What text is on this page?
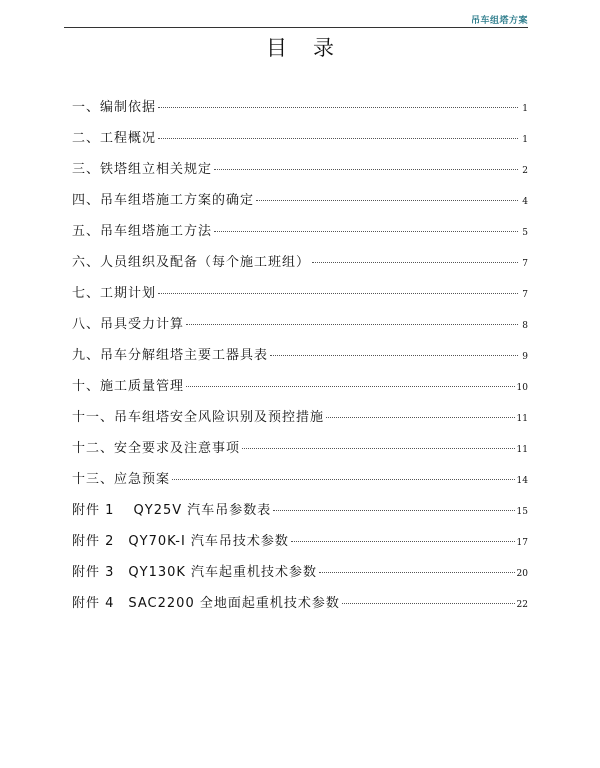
吊车组塔方案
目录
一、编制依据	1
二、工程概况	1
三、铁塔组立相关规定	2
四、吊车组塔施工方案的确定	4
五、吊车组塔施工方法	5
六、人员组织及配备（每个施工班组）	7
七、工期计划	7
八、吊具受力计算	8
九、吊车分解组塔主要工器具表	9
十、施工质量管理	10
十一、吊车组塔安全风险识别及预控措施	11
十二、安全要求及注意事项	11
十三、应急预案	14
附件 1　 QY25V 汽车吊参数表	15
附件 2　QY70K-I 汽车吊技术参数	17
附件 3　QY130K 汽车起重机技术参数	20
附件 4　SAC2200 全地面起重机技术参数	22
